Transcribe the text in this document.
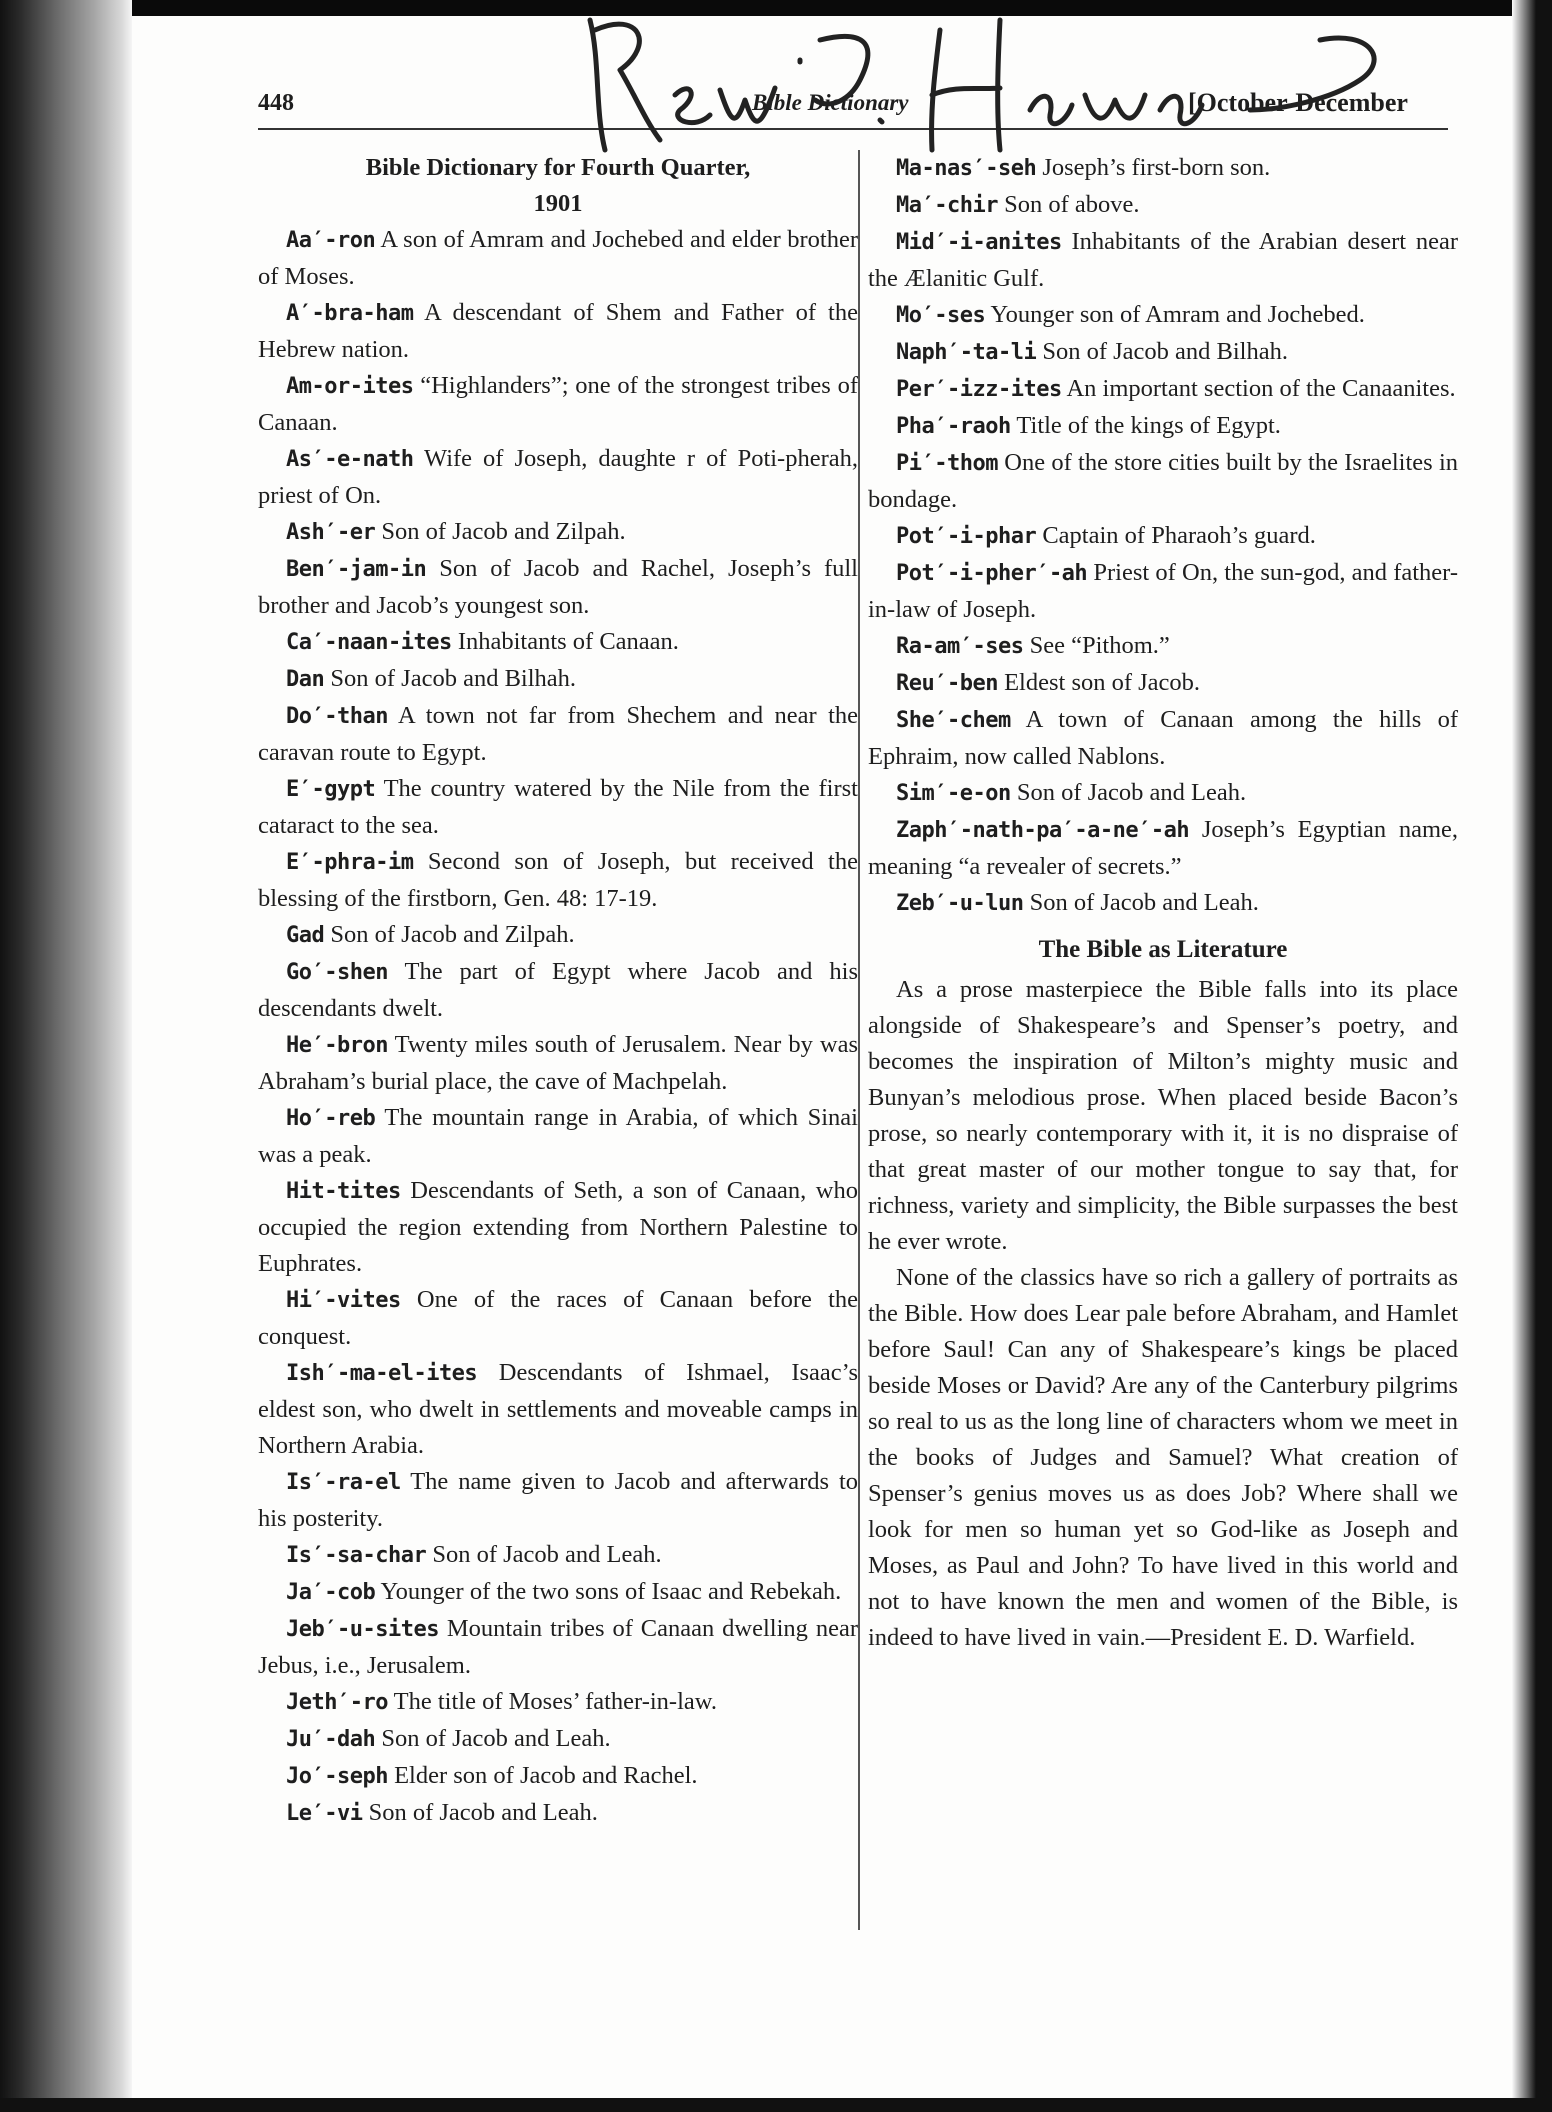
448	Bible Dictionary	[October-December

Bible Dictionary for Fourth Quarter,

1901

Aa′-ron A son of Amram and Jochebed and elder brother of Moses.

A′-bra-ham A descendant of Shem and Father of the Hebrew nation.

Am-or-ites “Highlanders”; one of the strongest tribes of Canaan.

As′-e-nath Wife of Joseph, daughte r of Poti-pherah, priest of On.

Ash′-er Son of Jacob and Zilpah.

Ben′-jam-in Son of Jacob and Rachel, Joseph’s full brother and Jacob’s youngest son.

Ca′-naan-ites Inhabitants of Canaan.

Dan Son of Jacob and Bilhah.

Do′-than A town not far from Shechem and near the caravan route to Egypt.

E′-gypt The country watered by the Nile from the first cataract to the sea.

E′-phra-im Second son of Joseph, but received the blessing of the firstborn, Gen. 48: 17-19.

Gad Son of Jacob and Zilpah.

Go′-shen The part of Egypt where Jacob and his descendants dwelt.

He′-bron Twenty miles south of Jerusalem. Near by was Abraham’s burial place, the cave of Machpelah.

Ho′-reb The mountain range in Arabia, of which Sinai was a peak.

Hit-tites Descendants of Seth, a son of Canaan, who occupied the region extending from Northern Palestine to Euphrates.

Hi′-vites One of the races of Canaan before the conquest.

Ish′-ma-el-ites Descendants of Ishmael, Isaac’s eldest son, who dwelt in settlements and moveable camps in Northern Arabia.

Is′-ra-el The name given to Jacob and afterwards to his posterity.

Is′-sa-char Son of Jacob and Leah.

Ja′-cob Younger of the two sons of Isaac and Rebekah.

Jeb′-u-sites Mountain tribes of Canaan dwelling near Jebus, i.e., Jerusalem.

Jeth′-ro The title of Moses’ father-in-law.

Ju′-dah Son of Jacob and Leah.

Jo′-seph Elder son of Jacob and Rachel.

Le′-vi Son of Jacob and Leah.

Ma-nas′-seh Joseph’s first-born son.

Ma′-chir Son of above.

Mid′-i-anites Inhabitants of the Arabian desert near the Ælanitic Gulf.

Mo′-ses Younger son of Amram and Jochebed.

Naph′-ta-li Son of Jacob and Bilhah.

Per′-izz-ites An important section of the Canaanites.

Pha′-raoh Title of the kings of Egypt.

Pi′-thom One of the store cities built by the Israelites in bondage.

Pot′-i-phar Captain of Pharaoh’s guard.

Pot′-i-pher′-ah Priest of On, the sun-god, and father-in-law of Joseph.

Ra-am′-ses See “Pithom.”

Reu′-ben Eldest son of Jacob.

She′-chem A town of Canaan among the hills of Ephraim, now called Nablons.

Sim′-e-on Son of Jacob and Leah.

Zaph′-nath-pa′-a-ne′-ah Joseph’s Egyptian name, meaning “a revealer of secrets.”

Zeb′-u-lun Son of Jacob and Leah.

The Bible as Literature

As a prose masterpiece the Bible falls into its place alongside of Shakespeare’s and Spenser’s poetry, and becomes the inspiration of Milton’s mighty music and Bunyan’s melodious prose. When placed beside Bacon’s prose, so nearly contemporary with it, it is no dispraise of that great master of our mother tongue to say that, for richness, variety and simplicity, the Bible surpasses the best he ever wrote.

None of the classics have so rich a gallery of portraits as the Bible. How does Lear pale before Abraham, and Hamlet before Saul! Can any of Shakespeare’s kings be placed beside Moses or David? Are any of the Canterbury pilgrims so real to us as the long line of characters whom we meet in the books of Judges and Samuel? What creation of Spenser’s genius moves us as does Job? Where shall we look for men so human yet so God-like as Joseph and Moses, as Paul and John? To have lived in this world and not to have known the men and women of the Bible, is indeed to have lived in vain.—President E. D. Warfield.
